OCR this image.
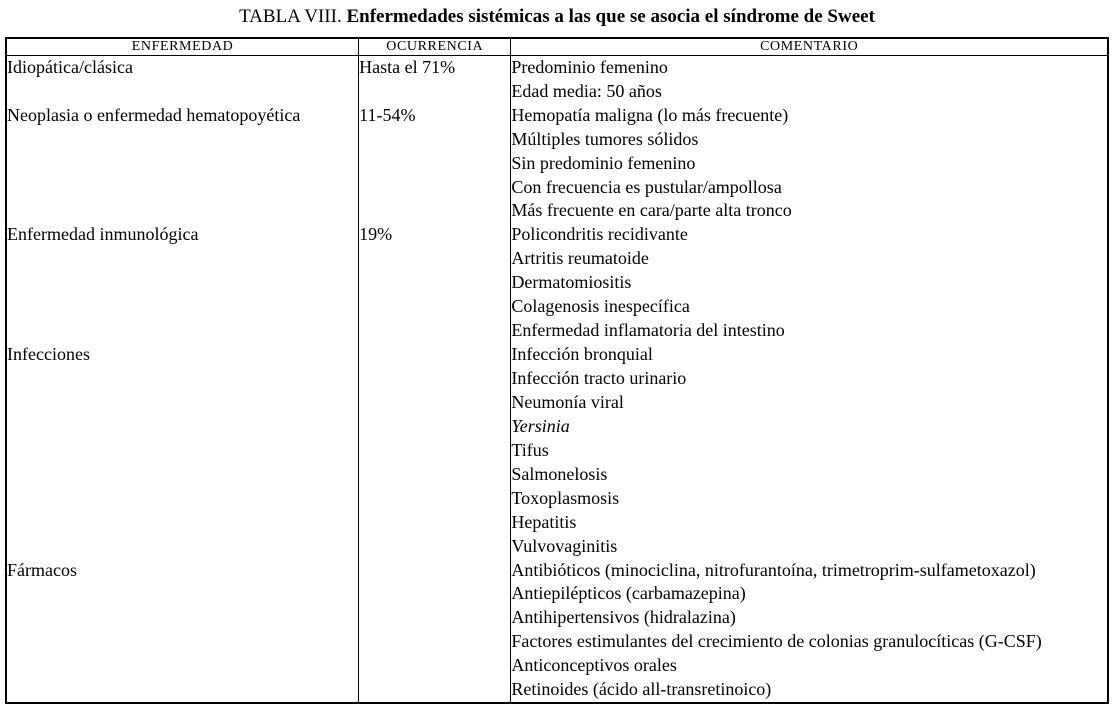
TABLA VIII. Enfermedades sistémicas a las que se asocia el síndrome de Sweet
ENFERMEDAD	OCURRENCIA	COMENTARIO

Idiopática/clásica	Hasta el 71%	Predominio femenino
Edad media: 50 años

Neoplasia o enfermedad hematopoyética	11-54%	Hemopatía maligna (lo más frecuente)
Múltiples tumores sólidos
Sin predominio femenino
Con frecuencia es pustular/ampollosa
Más frecuente en cara/parte alta tronco

Enfermedad inmunológica	19%	Policondritis recidivante
Artritis reumatoide
Dermatomiositis
Colagenosis inespecífica
Enfermedad inflamatoria del intestino

Infecciones		Infección bronquial
Infección tracto urinario
Neumonía viral
Yersinia
Tifus
Salmonelosis
Toxoplasmosis
Hepatitis
Vulvovaginitis

Fármacos		Antibióticos (minociclina, nitrofurantoína, trimetroprim-sulfametoxazol)
Antiepilépticos (carbamazepina)
Antihipertensivos (hidralazina)
Factores estimulantes del crecimiento de colonias granulocíticas (G-CSF)
Anticonceptivos orales
Retinoides (ácido all-transretinoico)
